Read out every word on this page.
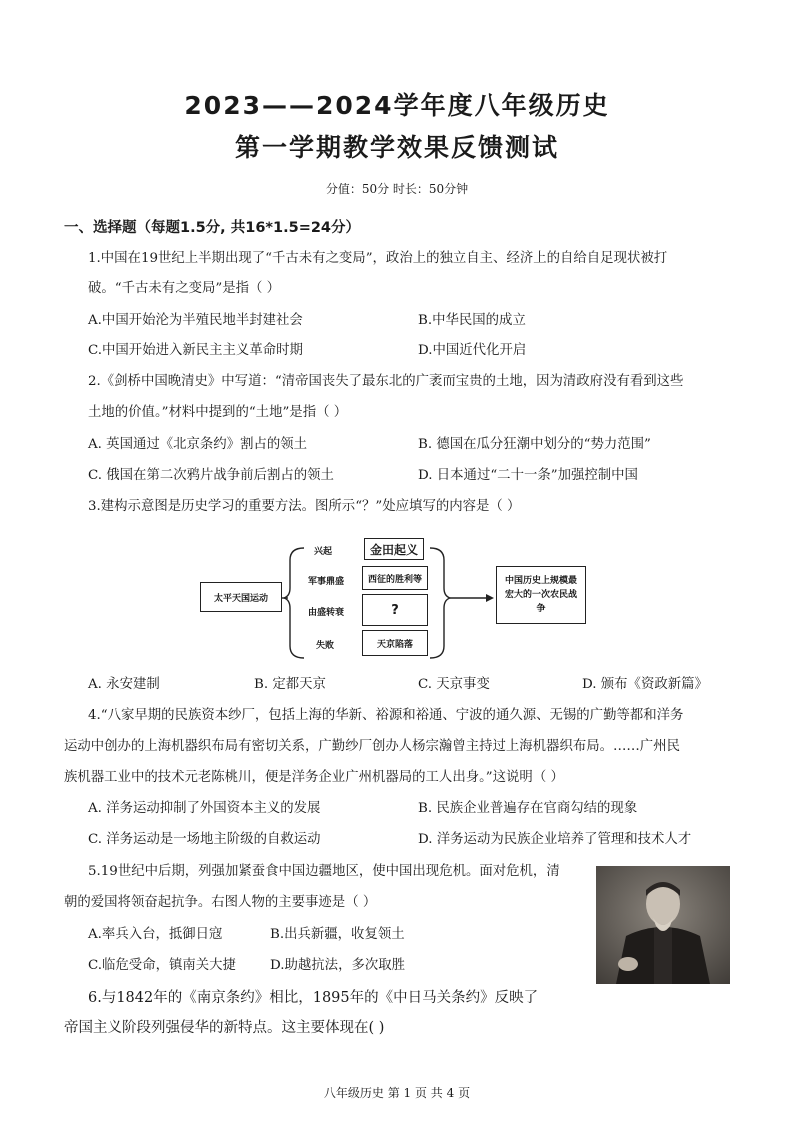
2023——2024学年度八年级历史
第一学期教学效果反馈测试
分值：50分 时长：50分钟
一、选择题（每题1.5分, 共16*1.5=24分）
1.中国在19世纪上半期出现了“千古未有之变局”，政治上的独立自主、经济上的自给自足现状被打
破。“千古未有之变局”是指（ ）
A.中国开始沦为半殖民地半封建社会	B.中华民国的成立
C.中国开始进入新民主主义革命时期	D.中国近代化开启
2.《剑桥中国晚清史》中写道：“清帝国丧失了最东北的广袤而宝贵的土地，因为清政府没有看到这些
土地的价值。”材料中提到的“土地”是指（ ）
A. 英国通过《北京条约》割占的领土	B. 德国在瓜分狂潮中划分的“势力范围”
C. 俄国在第二次鸦片战争前后割占的领土	D. 日本通过“二十一条”加强控制中国
3.建构示意图是历史学习的重要方法。图所示“？”处应填写的内容是（ ）
太平天国运动
兴起
军事鼎盛
由盛转衰
失败
金田起义
西征的胜利等
?
天京陷落
中国历史上规模最宏大的一次农民战争
A. 永安建制	B. 定都天京	C. 天京事变	D. 颁布《资政新篇》
4.“八家早期的民族资本纱厂，包括上海的华新、裕源和裕通、宁波的通久源、无锡的广勤等都和洋务
运动中创办的上海机器织布局有密切关系，广勤纱厂创办人杨宗瀚曾主持过上海机器织布局。……广州民
族机器工业中的技术元老陈桃川，便是洋务企业广州机器局的工人出身。”这说明（ ）
A. 洋务运动抑制了外国资本主义的发展	B. 民族企业普遍存在官商勾结的现象
C. 洋务运动是一场地主阶级的自救运动	D. 洋务运动为民族企业培养了管理和技术人才
5.19世纪中后期，列强加紧蚕食中国边疆地区，使中国出现危机。面对危机，清
朝的爱国将领奋起抗争。右图人物的主要事迹是（ ）
A.率兵入台，抵御日寇	B.出兵新疆，收复领土
C.临危受命，镇南关大捷	D.助越抗法，多次取胜
6.与1842年的《南京条约》相比，1895年的《中日马关条约》反映了
帝国主义阶段列强侵华的新特点。这主要体现在( )
八年级历史 第 1 页 共 4 页
